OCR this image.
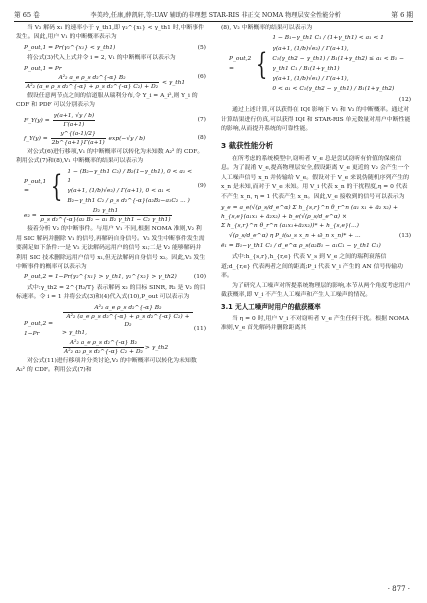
第 65 卷	李美玲,任康,薛凯轩,等:UAV 辅助的非理想 STAR-RIS 非正交 NOMA 物理层安全性能分析	第 6 期

当 V₂ 解码 x₁ 的速率小于 γ_th1,即 γ₂^{x₁} < γ_th1 时,中断事件发生。因此,用户 V₁ 的中断概率表示为

P_out,1 = Pr(γ₂^{x₁} < γ_th1)	(5)

将公式(3)代入上式并令 i = 2, V₁ 的中断概率可以表示为

P_out,1 = Pr
$\frac{\text{A²₂ a\_e ρ\_s d₂\textasciicircum{}\{-α\} B₂}}{\text{A²₂ (a\_e ρ\_s d₂\textasciicircum{}\{-α\} + ρ\_s d₂\textasciicircum{}\{-α\} C₂) + D₂}}$ < γ_th1
(6)

假设任意两节点之间的信道服从瑞利分布,令 Y_i = A_i²,则 Y_i 的 CDF 和 PDF 可以分别表示为

F_Y(y) = $\frac{\gamma(a+1, √y / b)}{\Gamma(a+1)}$	(7)
f_Y(y) = $\frac{y\^{}\{(a-1)/2\}}{2b\^{}\{a+1\}\Gamma(a+1)} \exp(-√y / b)$	(8)

对公式(6)进行移项,V₁ 的中断概率可以转化为未知数 A₂² 的 CDF。利用公式(7)和(8),V₁ 中断概率的结果可以表示为

P_out,1 = { 1 − (B₂−γ_th1 C₂) / B₂(1−γ_th1), 0 < a₁ < 1
γ(a+1, (1/b)√e₂) / Γ(a+1), 0 < a₁ < B₂−γ_th1 C₂ / ρ_s d₂^{-α}(a₂B₂−a₁C₂ ... )
(9)
$e_2 = \frac{\text{D₂ γ\_th1}}{\text{ρ\_s d₂\textasciicircum{}\{-α\}(a₂ B₂ − a₁ B₂ γ\_th1 − C₂ γ\_th1)}}$

接着分析 V₂ 的中断事件。与用户 V₁ 不同,根据 NOMA 准则,V₂ 利用 SIC 解码并删除 V₁ 的信号,再解码自身信号。V₂ 发生中断事件发生需要满足如下条件:一是 V₂ 无法解码远用户的信号 x₁;二是 V₂ 能够解码并利用 SIC 技术删除远用户信号 x₁,但无法解码自身信号 x₂。因此,V₂ 发生中断事件的概率可以表示为

P_out,2 = 1−Pr(γ₂^{x₁} > γ_th1, γ₂^{x₂} > γ_th2)	(10)

式中:γ_th2 = 2^{R₂/T} 表示解码 x₂ 的目标 SINR, R₂ 是 V₂ 的目标速率。令 i = 1 并将公式(3)和(4)代入式(10),P_out 可以表示为

P_out,2 = 1−Pr
$\frac{\text{A²₂ a\_e ρ\_s d₂\textasciicircum{}\{-α\} B₂}}{\text{A²₂ (a\_e ρ\_s d₂\textasciicircum{}\{-α\} + ρ\_s d₂\textasciicircum{}\{-α\} C₂) + D₂}}$
> γ_th1,
$\frac{\text{A²₂ a\_e ρ\_s d₂\textasciicircum{}\{-α\} B₂}}{\text{A²₂ a₂ ρ\_s d₂\textasciicircum{}\{-α\} C₂ + D₂}}$ > γ_th2
(11)

对公式(11)进行移项并分类讨论,V₂ 的中断概率可以转化为未知数 A₂² 的 CDF。利用公式(7)和

(8), V₂ 中断概率的结果可以表示为

P_out,2 = {
1 − B₁−γ_th1 C₁ / (1+γ_th1) < a₁ < 1
γ(a+1, (1/b)√e₂) / Γ(a+1),
C₁(γ_th2 − γ_th1) / B₁(1+γ_th2) ≤ a₁ < B₁ − γ_th1 C₁ / B₁(1+γ_th1)
γ(a+1, (1/b)√e₁) / Γ(a+1),
0 < a₁ < C₁(γ_th2 − γ_th1) / B₁(1+γ_th2)
(12)

通过上述计算,可以获得在 IQI 影响下 V₁ 和 V₂ 的中断概率。通过对计算结果进行仿真,可以获得 IQI 和 STAR-RIS 单元数量对用户中断性能的影响,从而提升系统的可靠性能。

3 截获性能分析

在所考虑的系统模型中,窃听者 V_e 总是尝试窃听有价值的保密信息。为了混淆 V_e,提高物理层安全,假设距离 V_e 更近的 V₂ 会产生一个人工噪声信号 x_n 并传输给 V_e。假设对于 V_e 来说伪随机序列产生的 x_n 是未知,而对于 V_e 未知。用 V_i 代表 x_n 的干扰程度,η = 0 代表不产生 x_n, η = 1 代表产生 x_n。因此,V_e 接收到的信号可以表示为

y_e = a_e(√(ρ_s/d_e^α) Σ h_{s,r}^n θ_r^n (a₁ x₁ + ā₂ x₂) +
h_{s,e}(a₁x₁ + ā₂x₂) + b_e(√(ρ_s/d_e^α) ×
Σ h_{s,r}^n θ_r^n (a₁x₁+ā₂x₂))* + h_{s,e}(...)
√(ρ_s/d_e^α) η P_i(ω_s x_n + ω̄_n x_n)* + ...	(13)
ē₁ = B₁−γ_th1 C₁ / d_e^α ρ_s(a₂B₁ − a₁C₁ − γ_th1 C₁)

式中:h_{s,r},h_{r,e} 代表 V_s 到 V_e 之间的瑞利衰落信道;d_{r,e} 代表两者之间的距离;P_i 代表 V_i 产生的 AN 信号传输功率。

为了研究人工噪声对所提系统物理层的影响,本节从两个角度考虑用户截获概率,即 V_i 不产生人工噪声和产生人工噪声的情况。

3.1 无人工噪声时用户的截获概率

当 η = 0 时,用户 V_i 不对窃听者 V_e 产生任何干扰。根据 NOMA 准则,V_e 首先解码并删除距离其

· 877 ·
